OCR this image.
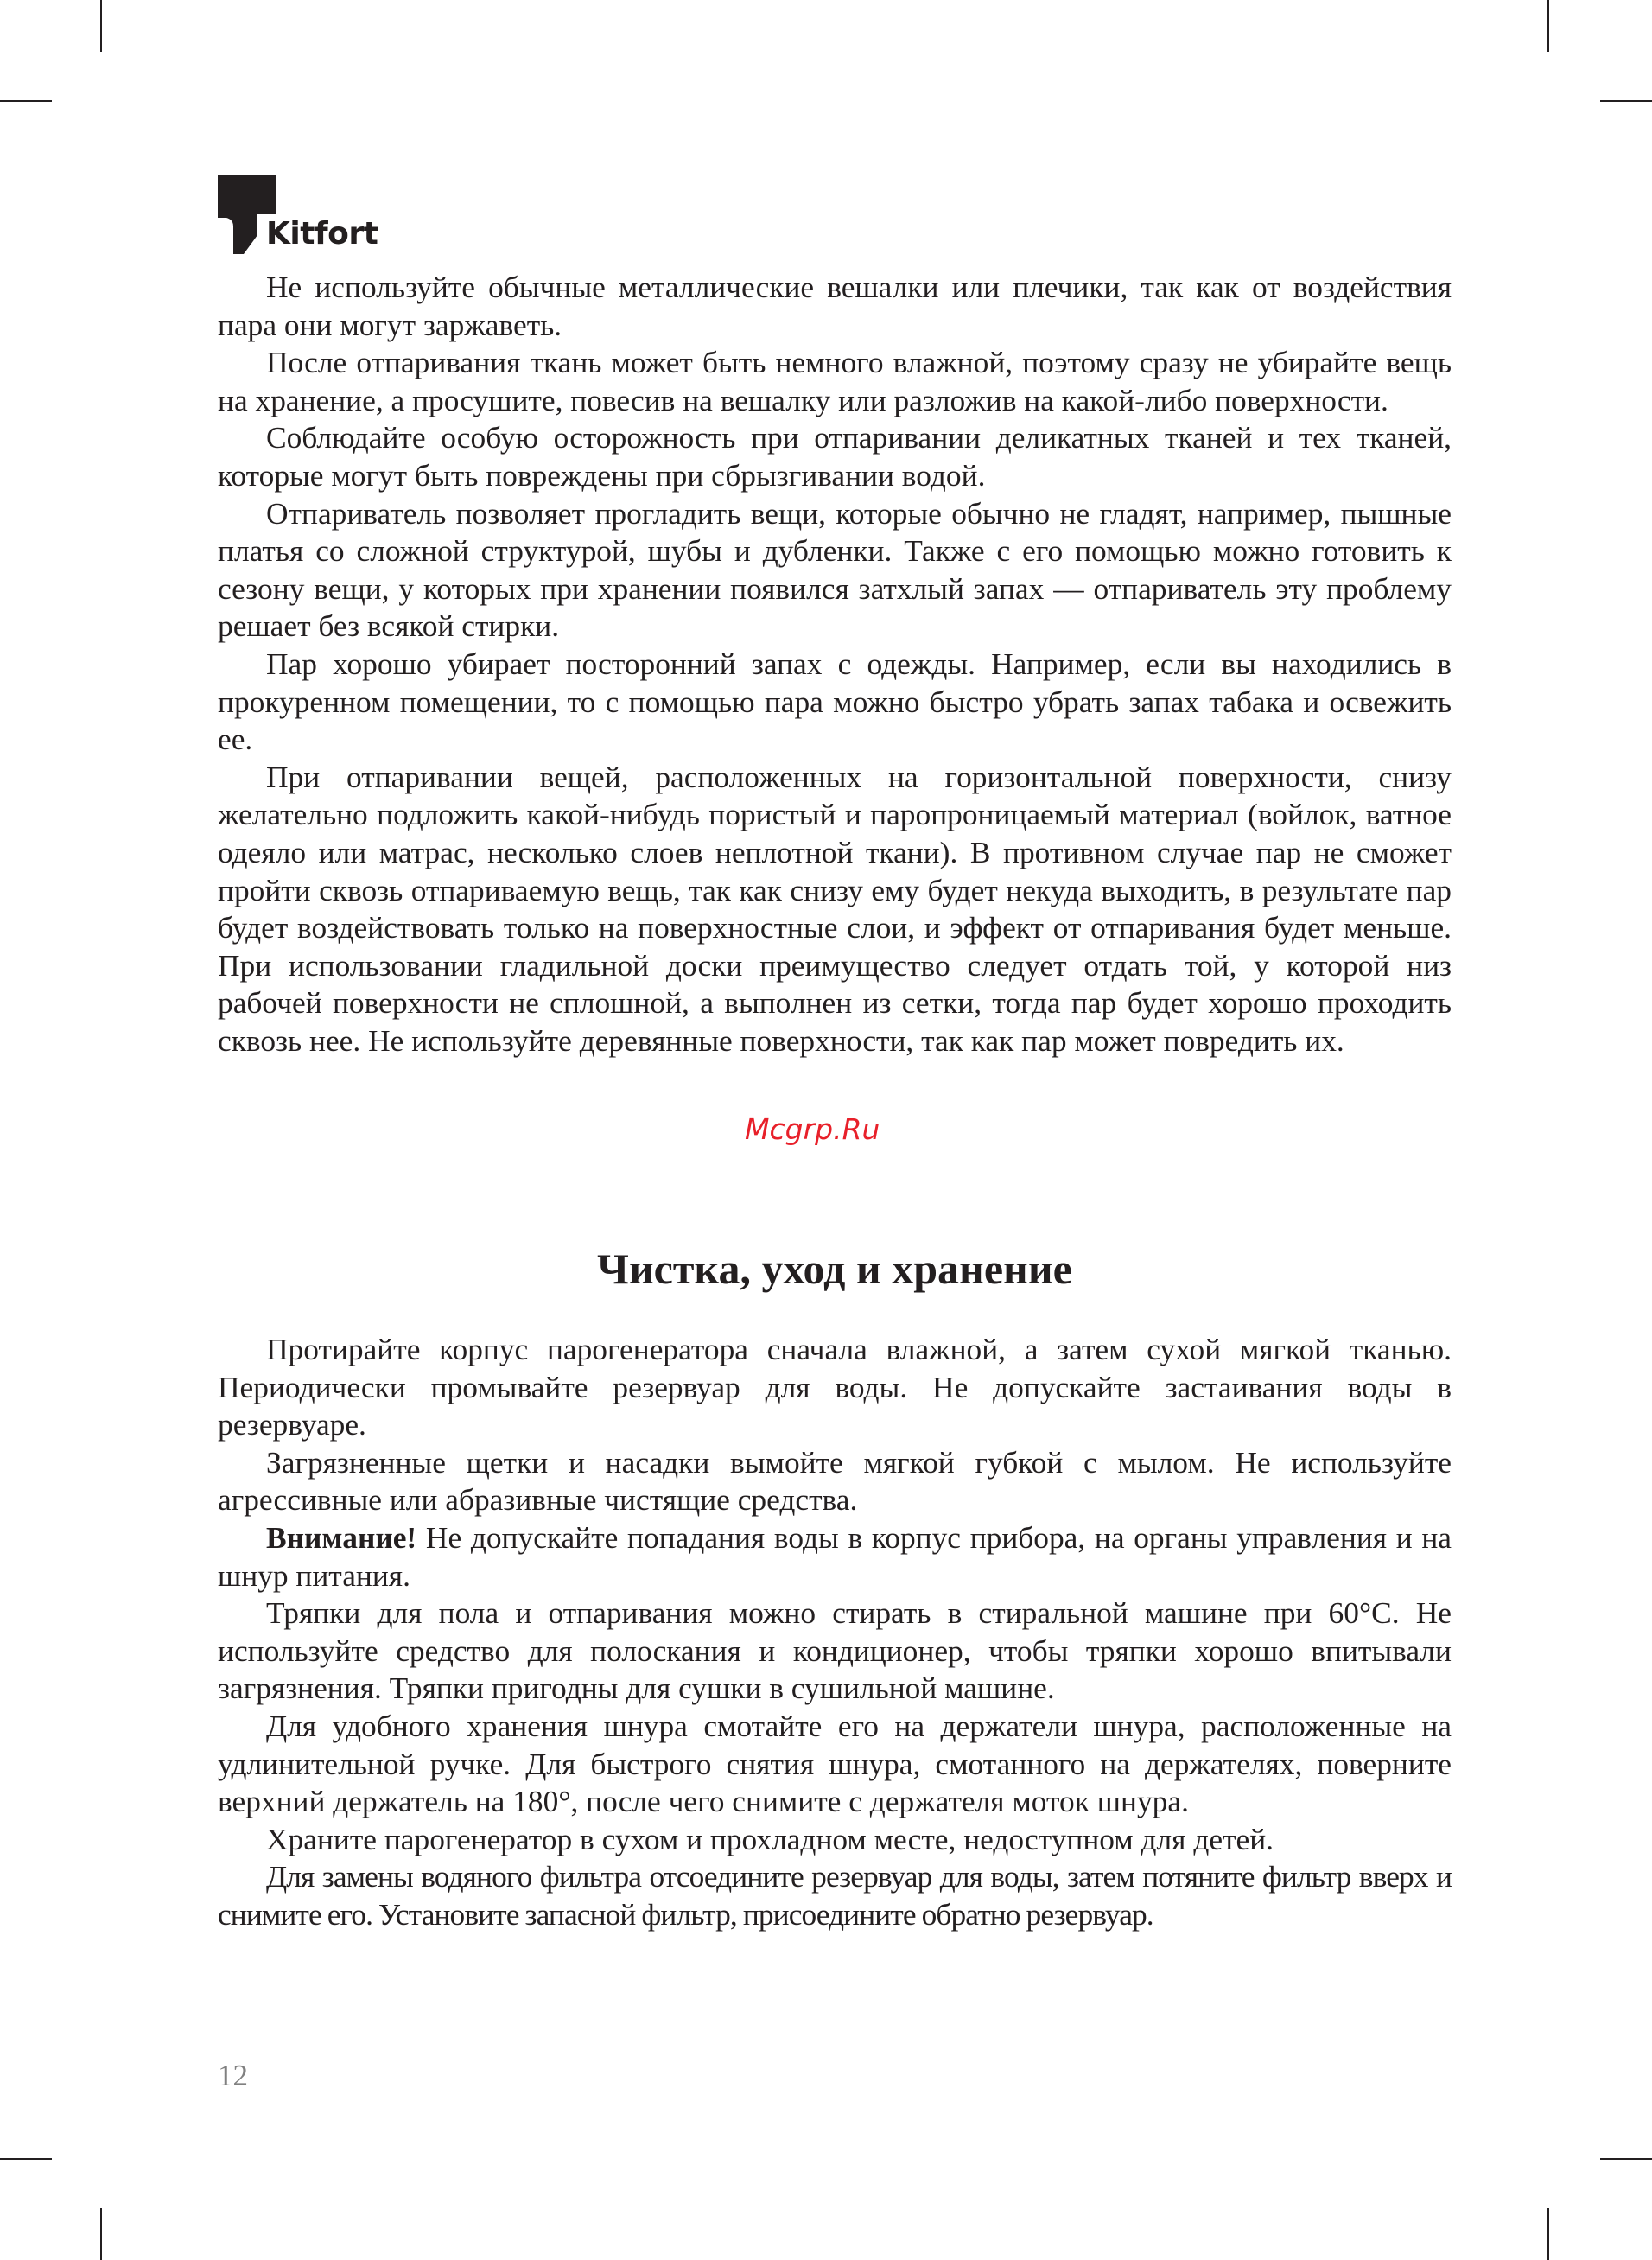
Kitfort

Не используйте обычные металлические вешалки или плечики, так как от воздействия пара они могут заржаветь.

После отпаривания ткань может быть немного влажной, поэтому сразу не убирайте вещь на хранение, а просушите, повесив на вешалку или разложив на какой-либо поверхности.

Соблюдайте особую осторожность при отпаривании деликатных тканей и тех тканей, которые могут быть повреждены при сбрызгивании водой.

Отпариватель позволяет прогладить вещи, которые обычно не гладят, например, пышные платья со сложной структурой, шубы и дубленки. Также с его помощью можно готовить к сезону вещи, у которых при хранении появился затхлый запах — отпариватель эту проблему решает без всякой стирки.

Пар хорошо убирает посторонний запах с одежды. Например, если вы находились в прокуренном помещении, то с помощью пара можно быстро убрать запах табака и освежить ее.

При отпаривании вещей, расположенных на горизонтальной поверхности, снизу желательно подложить какой-нибудь пористый и паропроницаемый материал (войлок, ватное одеяло или матрас, несколько слоев неплотной ткани). В противном случае пар не сможет пройти сквозь отпариваемую вещь, так как снизу ему будет некуда выходить, в результате пар будет воздействовать только на поверхностные слои, и эффект от отпаривания будет меньше. При использовании гладильной доски преимущество следует отдать той, у которой низ рабочей поверхности не сплошной, а выполнен из сетки, тогда пар будет хорошо проходить сквозь нее. Не используйте деревянные поверхности, так как пар может повредить их.

Mcgrp.Ru
Чистка, уход и хранение

Протирайте корпус парогенератора сначала влажной, а затем сухой мягкой тканью. Периодически промывайте резервуар для воды. Не допускайте застаивания воды в резервуаре.

Загрязненные щетки и насадки вымойте мягкой губкой с мылом. Не используйте агрессивные или абразивные чистящие средства.

Внимание! Не допускайте попадания воды в корпус прибора, на органы управления и на шнур питания.

Тряпки для пола и отпаривания можно стирать в стиральной машине при 60°C. Не используйте средство для полоскания и кондиционер, чтобы тряпки хорошо впитывали загрязнения. Тряпки пригодны для сушки в сушильной машине.

Для удобного хранения шнура смотайте его на держатели шнура, расположенные на удлинительной ручке. Для быстрого снятия шнура, смотанного на держателях, поверните верхний держатель на 180°, после чего снимите с держателя моток шнура.

Храните парогенератор в сухом и прохладном месте, недоступном для детей.

Для замены водяного фильтра отсоедините резервуар для воды, затем потяните фильтр вверх и снимите его. Установите запасной фильтр, присоедините обратно резервуар.

12
